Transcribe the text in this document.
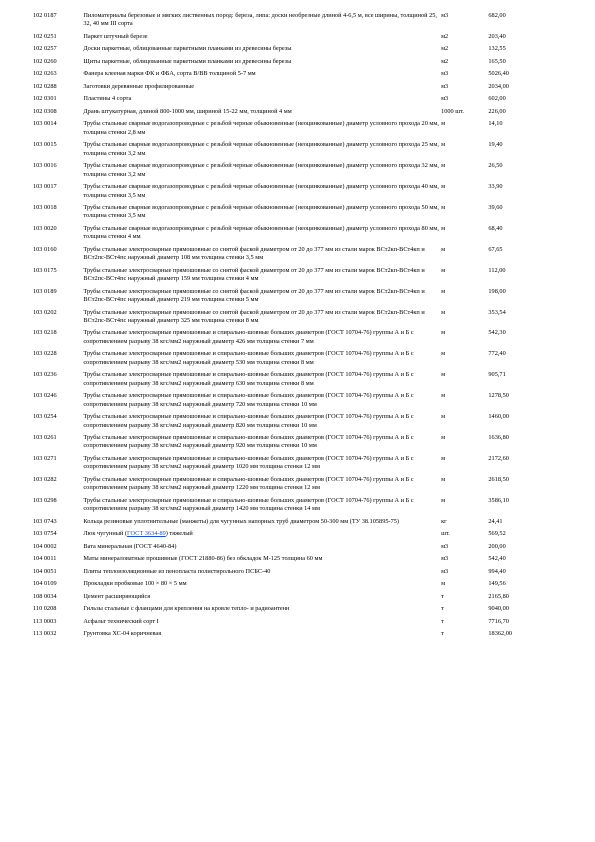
102 0187	Пиломатериалы березовые и мягких лиственных пород: береза, липа: доски необрезные длиной 4-6,5 м, все ширины, толщиной 25, 32, 40 мм III сорта	м3	682,00
102 0251	Паркет штучный березе	м2	203,40
102 0257	Доски паркетные, облицованные паркетными планками из древесины березы	м2	132,55
102 0260	Щиты паркетные, облицованные паркетными планками из древесины березы	м2	165,50
102 0263	Фанера клееная марки ФК и ФБА, сорта В/ВВ толщиной 5-7 мм	м3	5026,40
102 0288	Заготовки деревянные профилированные	м3	2034,00
102 0301	Пластины 4 сорта	м3	602,00
102 0308	Дрань штукатурная, длиной 800-1000 мм, шириной 15-22 мм, толщиной 4 мм	1000 шт.	226,00
103 0014	Трубы стальные сварные водогазопроводные с резьбой черные обыкновенные (неоцинкованные) диаметр условного прохода 20 мм, толщина стенки 2,8 мм	м	14,10
103 0015	Трубы стальные сварные водогазопроводные с резьбой черные обыкновенные (неоцинкованные) диаметр условного прохода 25 мм, толщина стенки 3,2 мм	м	19,40
103 0016	Трубы стальные сварные водогазопроводные с резьбой черные обыкновенные (неоцинкованные) диаметр условного прохода 32 мм, толщина стенки 3,2 мм	м	26,50
103 0017	Трубы стальные сварные водогазопроводные с резьбой черные обыкновенные (неоцинкованные) диаметр условного прохода 40 мм, толщина стенки 3,5 мм	м	33,90
103 0018	Трубы стальные сварные водогазопроводные с резьбой черные обыкновенные (неоцинкованные) диаметр условного прохода 50 мм, толщина стенки 3,5 мм	м	39,60
103 0020	Трубы стальные сварные водогазопроводные с резьбой черные обыкновенные (неоцинкованные) диаметр условного прохода 80 мм, толщина стенки 4 мм	м	68,40
103 0160	Трубы стальные электросварные прямошовные со снятой фаской диаметром от 20 до 377 мм из стали марок ВСт2кп-ВСт4кп и ВСт2пс-ВСт4пс наружный диаметр 108 мм толщина стенки 3,5 мм	м	67,65
103 0175	Трубы стальные электросварные прямошовные со снятой фаской диаметром от 20 до 377 мм из стали марок ВСт2кп-ВСт4кп и ВСт2пс-ВСт4пс наружный диаметр 159 мм толщина стенки 4 мм	м	112,00
103 0189	Трубы стальные электросварные прямошовные со снятой фаской диаметром от 20 до 377 мм из стали марок ВСт2кп-ВСт4кп и ВСт2пс-ВСт4пс наружный диаметр 219 мм толщина стенки 5 мм	м	198,00
103 0202	Трубы стальные электросварные прямошовные со снятой фаской диаметром от 20 до 377 мм из стали марок ВСт2кп-ВСт4кп и ВСт2пс-ВСт4пс наружный диаметр 325 мм толщина стенки 8 мм	м	353,54
103 0218	Трубы стальные электросварные прямошовные и спирально-шовные больших диаметров (ГОСТ 10704-76) группы А и Б с сопротивлением разрыву 38 кгс/мм2 наружный диаметр 426 мм толщина стенки 7 мм	м	542,30
103 0228	Трубы стальные электросварные прямошовные и спирально-шовные больших диаметров (ГОСТ 10704-76) группы А и Б с сопротивлением разрыву 38 кгс/мм2 наружный диаметр 530 мм толщина стенки 8 мм	м	772,40
103 0236	Трубы стальные электросварные прямошовные и спирально-шовные больших диаметров (ГОСТ 10704-76) группы А и Б с сопротивлением разрыву 38 кгс/мм2 наружный диаметр 630 мм толщина стенки 8 мм	м	905,71
103 0246	Трубы стальные электросварные прямошовные и спирально-шовные больших диаметров (ГОСТ 10704-76) группы А и Б с сопротивлением разрыву 38 кгс/мм2 наружный диаметр 720 мм толщина стенки 10 мм	м	1278,50
103 0254	Трубы стальные электросварные прямошовные и спирально-шовные больших диаметров (ГОСТ 10704-76) группы А и Б с сопротивлением разрыву 38 кгс/мм2 наружный диаметр 820 мм толщина стенки 10 мм	м	1460,00
103 0261	Трубы стальные электросварные прямошовные и спирально-шовные больших диаметров (ГОСТ 10704-76) группы А и Б с сопротивлением разрыву 38 кгс/мм2 наружный диаметр 920 мм толщина стенки 10 мм	м	1636,80
103 0271	Трубы стальные электросварные прямошовные и спирально-шовные больших диаметров (ГОСТ 10704-76) группы А и Б с сопротивлением разрыву 38 кгс/мм2 наружный диаметр 1020 мм толщина стенки 12 мм	м	2172,60
103 0282	Трубы стальные электросварные прямошовные и спирально-шовные больших диаметров (ГОСТ 10704-76) группы А и Б с сопротивлением разрыву 38 кгс/мм2 наружный диаметр 1220 мм толщина стенки 12 мм	м	2618,50
103 0298	Трубы стальные электросварные прямошовные и спирально-шовные больших диаметров (ГОСТ 10704-76) группы А и Б с сопротивлением разрыву 38 кгс/мм2 наружный диаметр 1420 мм толщина стенки 14 мм	м	3586,10
103 0743	Кольца резиновые уплотнительные (манжеты) для чугунных напорных труб диаметром 50-300 мм (ТУ 38.105895-75)	кг	24,41
103 0754	Люк чугунный (ГОСТ 3634-89) тяжелый	шт.	569,52
104 0002	Вата минеральная (ГОСТ 4640-84)	м3	200,00
104 0011	Маты минераловатные прошивные (ГОСТ 21880-86) без обкладок М-125 толщина 60 мм	м3	542,40
104 0051	Плиты теплоизоляционные из пенопласта полистирольного ПСБС-40	м3	994,40
104 0109	Прокладки пробковые 100 × 80 × 5 мм	м	149,56
108 0034	Цемент расширяющийся	т	2165,80
110 0208	Гильзы стальные с фланцами для крепления на кровле тепло- и радиоантенн	т	9040,00
113 0003	Асфальт технический сорт I	т	7716,70
113 0032	Грунтовка ХС-04 коричневая	т	18362,00
